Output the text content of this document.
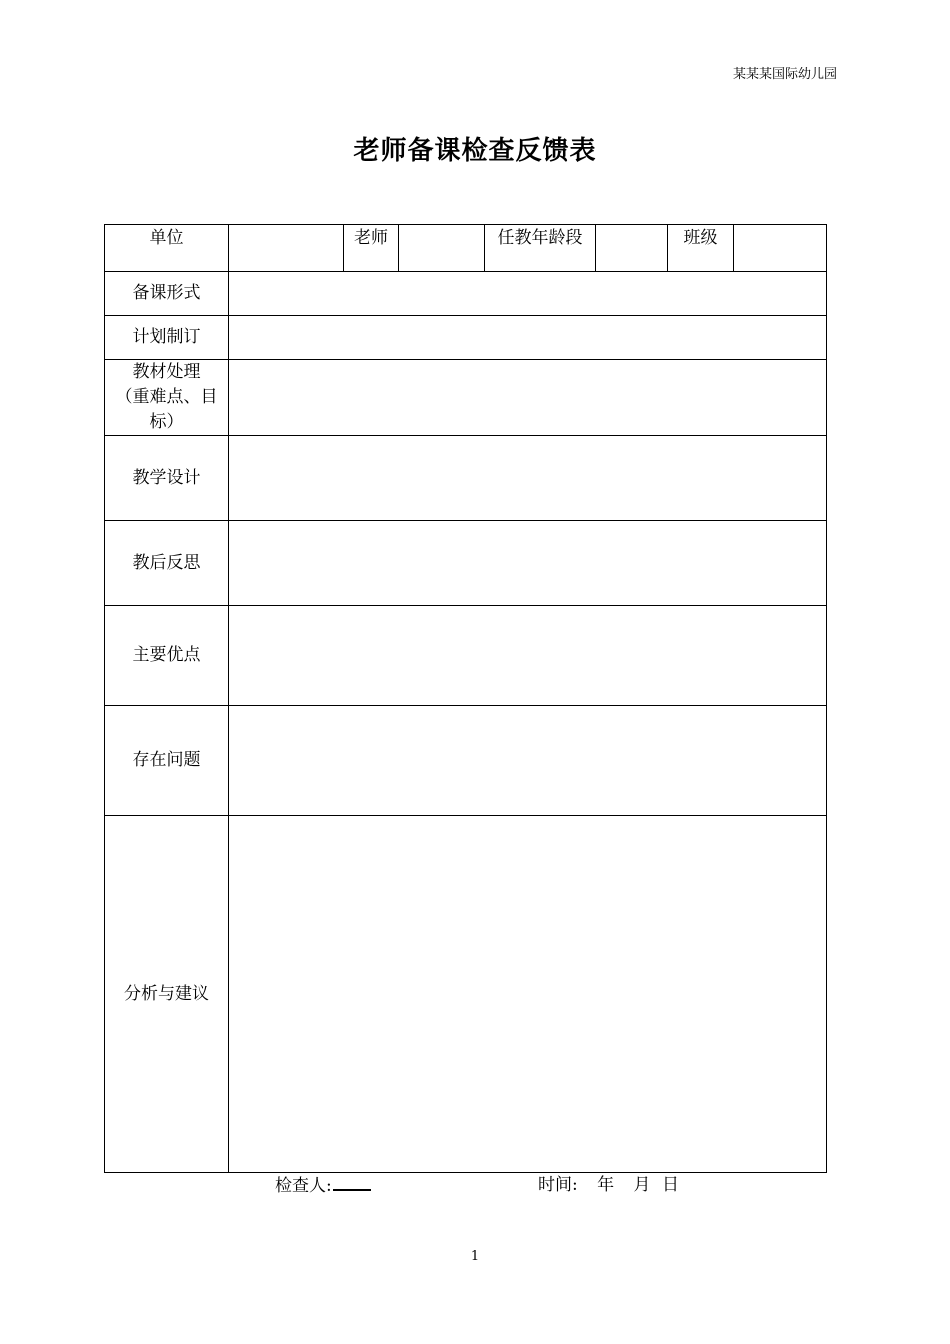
某某某国际幼儿园
老师备课检查反馈表
单位		老师		任教年龄段		班级	
备课形式							
计划制订							

教材处理
（重难点、目
标）							

教学设计							
教后反思							
主要优点							
存在问题							
分析与建议							
检查人:	时间: 年 月 日
1
